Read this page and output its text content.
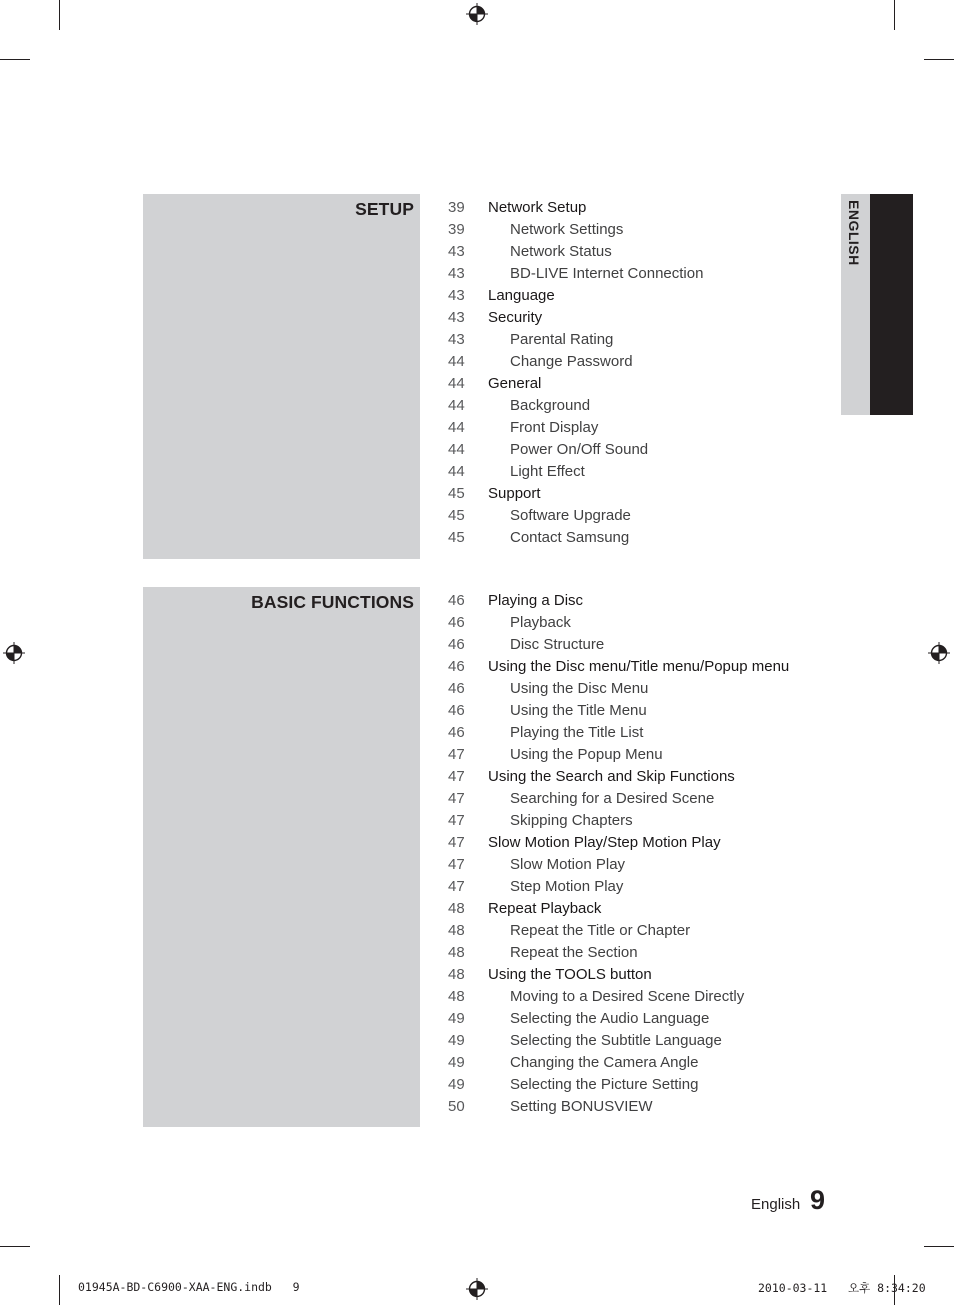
SETUP 39	Network Setup
39	Network Settings
43	Network Status
43	BD-LIVE Internet Connection
43	Language
43	Security
43	Parental Rating
44	Change Password
44	General
44	Background
44	Front Display
44	Power On/Off Sound
44	Light Effect
45	Support
45	Software Upgrade
45	Contact Samsung
BASIC FUNCTIONS 46	Playing a Disc
46	Playback
46	Disc Structure
46	Using the Disc menu/Title menu/Popup menu
46	Using the Disc Menu
46	Using the Title Menu
46	Playing the Title List
47	Using the Popup Menu
47	Using the Search and Skip Functions
47	Searching for a Desired Scene
47	Skipping Chapters
47	Slow Motion Play/Step Motion Play
47	Slow Motion Play
47	Step Motion Play
48	Repeat Playback
48	Repeat the Title or Chapter
48	Repeat the Section
48	Using the TOOLS button
48	Moving to a Desired Scene Directly
49	Selecting the Audio Language
49	Selecting the Subtitle Language
49	Changing the Camera Angle
49	Selecting the Picture Setting
50	Setting BONUSVIEW
ENGLISH
English 9
01945A-BD-C6900-XAA-ENG.indb   9	2010-03-11   오후 8:34:20
